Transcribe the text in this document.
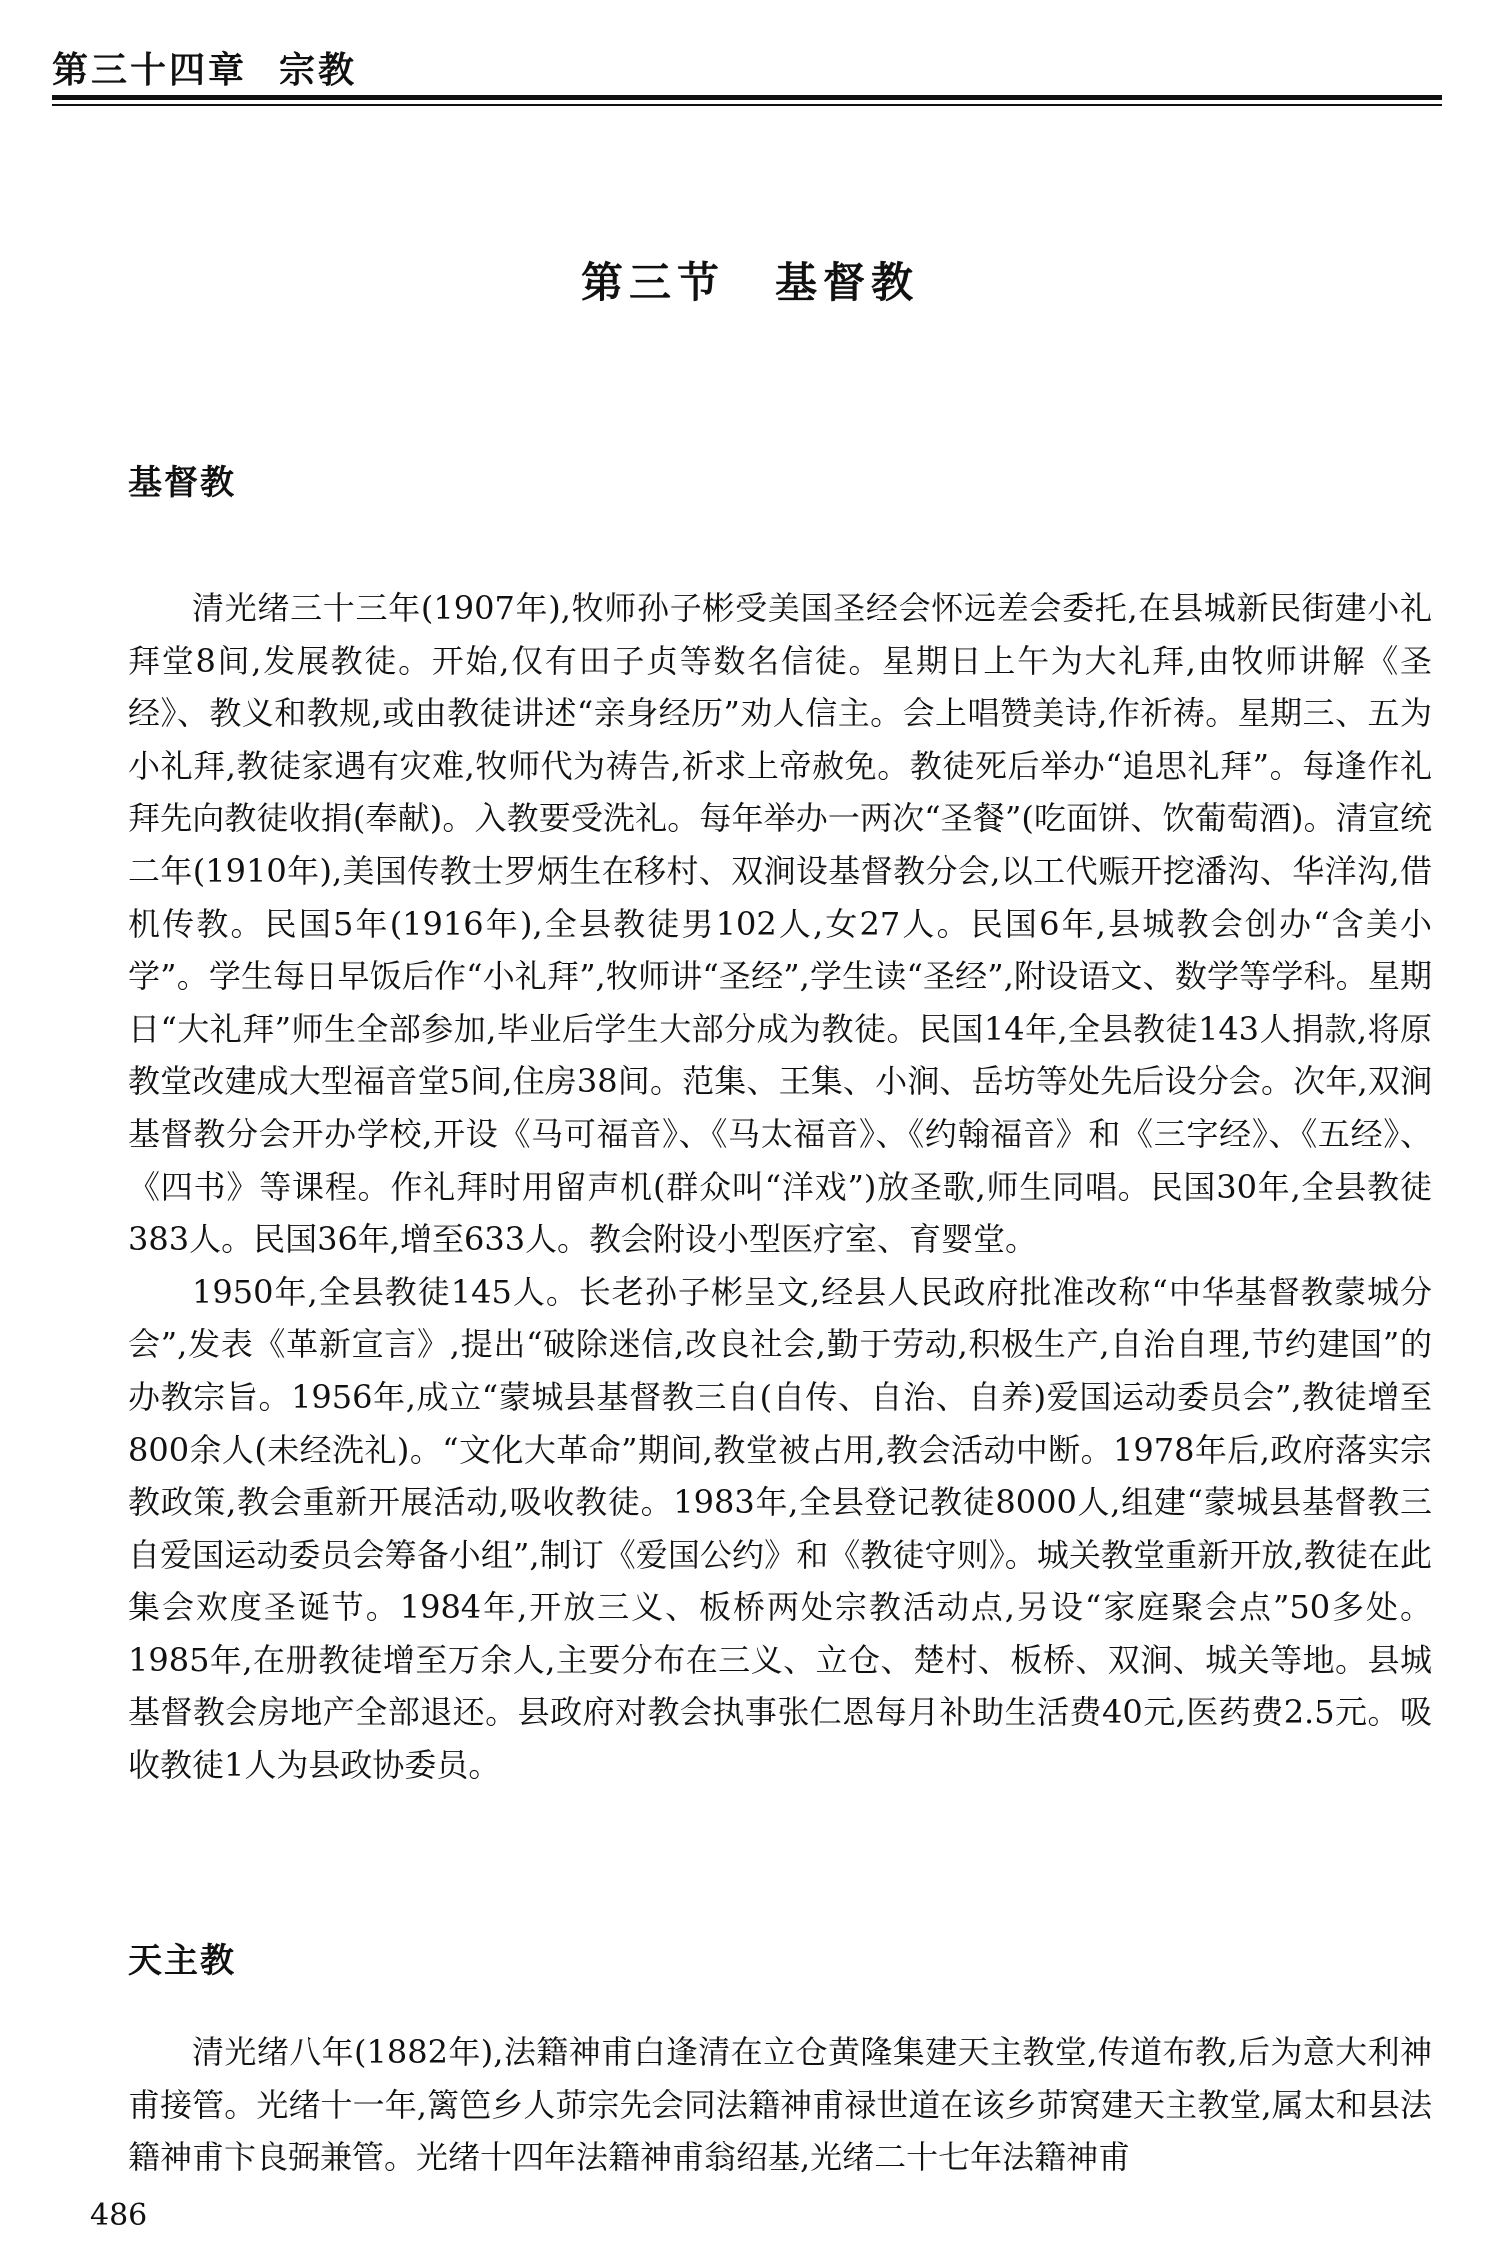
第三十四章 宗教
第三节 基督教
基督教

清光绪三十三年(1907年),牧师孙子彬受美国圣经会怀远差会委托,在县城新民街建小礼拜堂8间,发展教徒。开始,仅有田子贞等数名信徒。星期日上午为大礼拜,由牧师讲解《圣经》、教义和教规,或由教徒讲述“亲身经历”劝人信主。会上唱赞美诗,作祈祷。星期三、五为小礼拜,教徒家遇有灾难,牧师代为祷告,祈求上帝赦免。教徒死后举办“追思礼拜”。每逢作礼拜先向教徒收捐(奉献)。入教要受洗礼。每年举办一两次“圣餐”(吃面饼、饮葡萄酒)。清宣统二年(1910年),美国传教士罗炳生在移村、双涧设基督教分会,以工代赈开挖潘沟、华洋沟,借机传教。民国5年(1916年),全县教徒男102人,女27人。民国6年,县城教会创办“含美小学”。学生每日早饭后作“小礼拜”,牧师讲“圣经”,学生读“圣经”,附设语文、数学等学科。星期日“大礼拜”师生全部参加,毕业后学生大部分成为教徒。民国14年,全县教徒143人捐款,将原教堂改建成大型福音堂5间,住房38间。范集、王集、小涧、岳坊等处先后设分会。次年,双涧基督教分会开办学校,开设《马可福音》、《马太福音》、《约翰福音》和《三字经》、《五经》、《四书》等课程。作礼拜时用留声机(群众叫“洋戏”)放圣歌,师生同唱。民国30年,全县教徒383人。民国36年,增至633人。教会附设小型医疗室、育婴堂。

1950年,全县教徒145人。长老孙子彬呈文,经县人民政府批准改称“中华基督教蒙城分会”,发表《革新宣言》,提出“破除迷信,改良社会,勤于劳动,积极生产,自治自理,节约建国”的办教宗旨。1956年,成立“蒙城县基督教三自(自传、自治、自养)爱国运动委员会”,教徒增至800余人(未经洗礼)。“文化大革命”期间,教堂被占用,教会活动中断。1978年后,政府落实宗教政策,教会重新开展活动,吸收教徒。1983年,全县登记教徒8000人,组建“蒙城县基督教三自爱国运动委员会筹备小组”,制订《爱国公约》和《教徒守则》。城关教堂重新开放,教徒在此集会欢度圣诞节。1984年,开放三义、板桥两处宗教活动点,另设“家庭聚会点”50多处。1985年,在册教徒增至万余人,主要分布在三义、立仓、楚村、板桥、双涧、城关等地。县城基督教会房地产全部退还。县政府对教会执事张仁恩每月补助生活费40元,医药费2.5元。吸收教徒1人为县政协委员。

天主教

清光绪八年(1882年),法籍神甫白逢清在立仓黄隆集建天主教堂,传道布教,后为意大利神甫接管。光绪十一年,篱笆乡人茆宗先会同法籍神甫禄世道在该乡茆窝建天主教堂,属太和县法籍神甫卞良弼兼管。光绪十四年法籍神甫翁绍基,光绪二十七年法籍神甫

486
